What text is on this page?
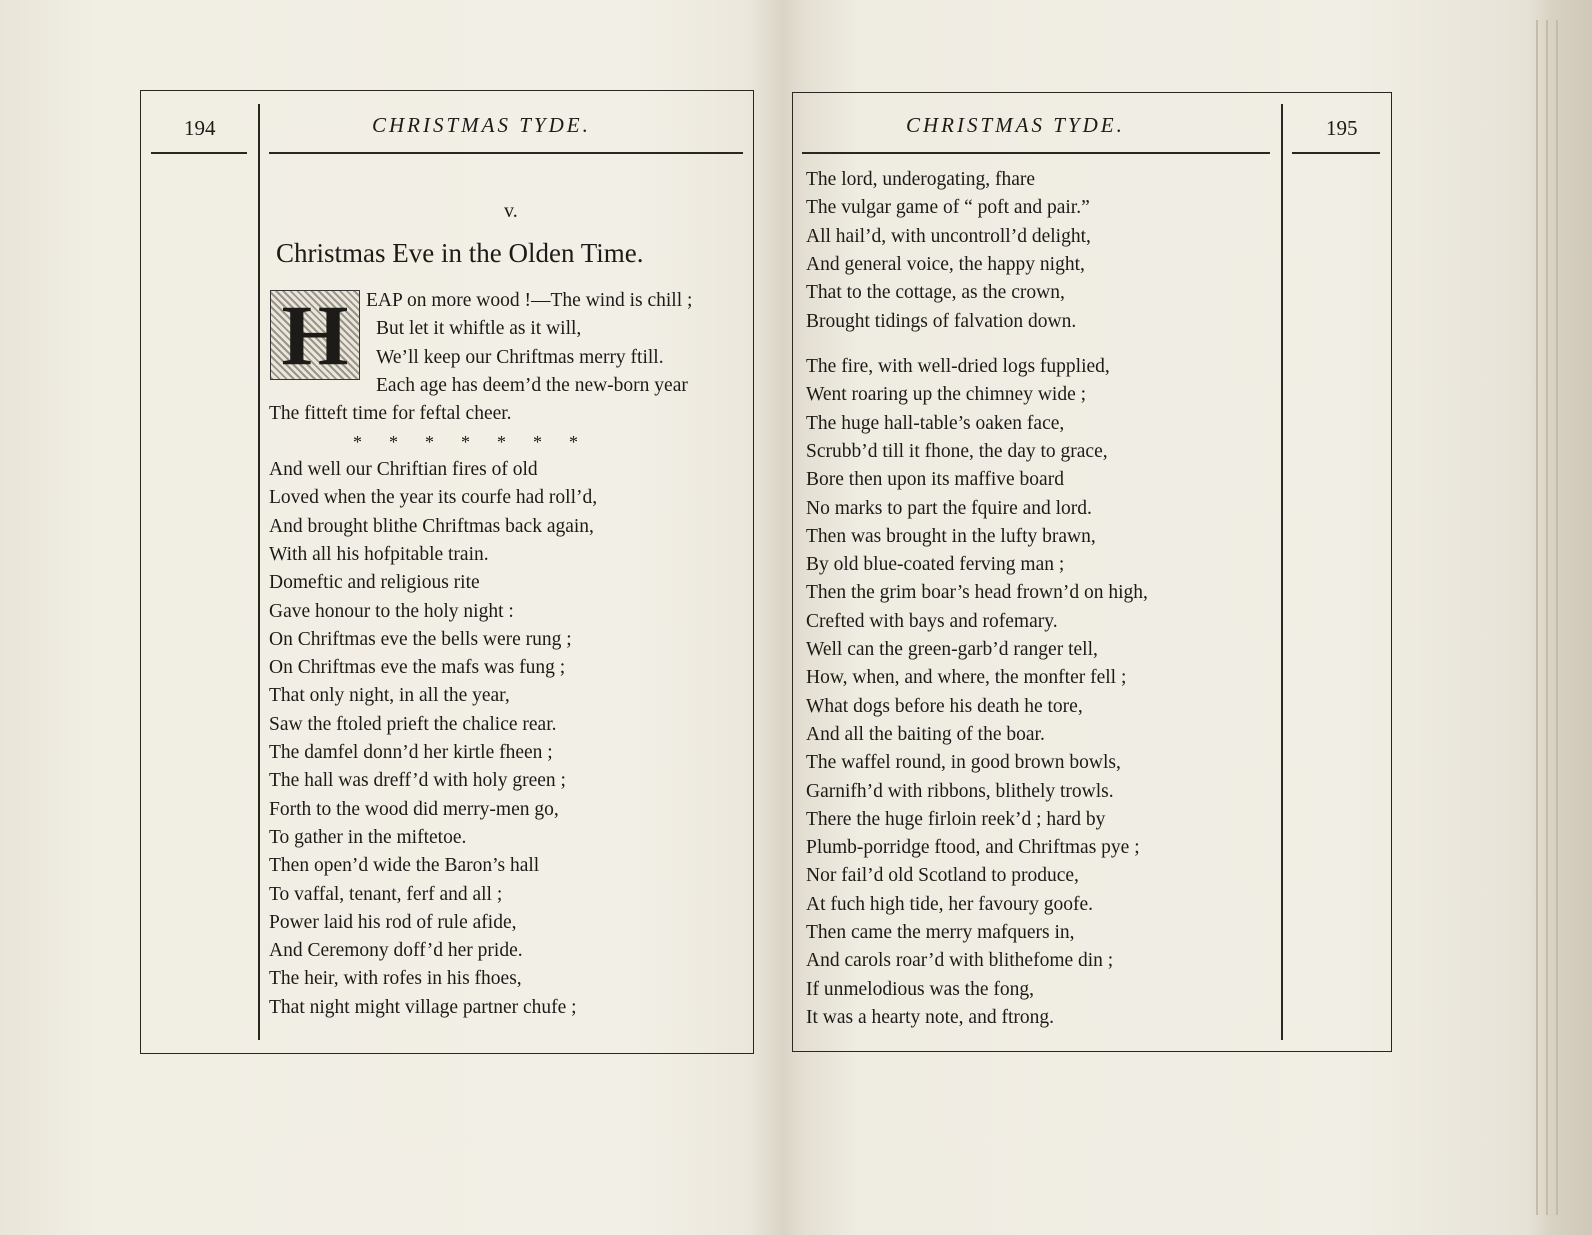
194	CHRISTMAS TYDE.
v.
Christmas Eve in the Olden Time.
H
*      *      *      *      *      *      *
EAP on more wood !—The wind is chill ;
But let it whiftle as it will,
We’ll keep our Chriftmas merry ftill.
Each age has deem’d the new-born year
The fitteft time for feftal cheer.
And well our Chriftian fires of old
Loved when the year its courfe had roll’d,
And brought blithe Chriftmas back again,
With all his hofpitable train.
Domeftic and religious rite
Gave honour to the holy night :
On Chriftmas eve the bells were rung ;
On Chriftmas eve the mafs was fung ;
That only night, in all the year,
Saw the ftoled prieft the chalice rear.
The damfel donn’d her kirtle fheen ;
The hall was dreff’d with holy green ;
Forth to the wood did merry-men go,
To gather in the miftetoe.
Then open’d wide the Baron’s hall
To vaffal, tenant, ferf and all ;
Power laid his rod of rule afide,
And Ceremony doff’d her pride.
The heir, with rofes in his fhoes,
That night might village partner chufe ;
195
CHRISTMAS TYDE.
The lord, underogating, fhare
The vulgar game of “ poft and pair.”
All hail’d, with uncontroll’d delight,
And general voice, the happy night,
That to the cottage, as the crown,
Brought tidings of falvation down.
The fire, with well-dried logs fupplied,
Went roaring up the chimney wide ;
The huge hall-table’s oaken face,
Scrubb’d till it fhone, the day to grace,
Bore then upon its maffive board
No marks to part the fquire and lord.
Then was brought in the lufty brawn,
By old blue-coated ferving man ;
Then the grim boar’s head frown’d on high,
Crefted with bays and rofemary.
Well can the green-garb’d ranger tell,
How, when, and where, the monfter fell ;
What dogs before his death he tore,
And all the baiting of the boar.
The waffel round, in good brown bowls,
Garnifh’d with ribbons, blithely trowls.
There the huge firloin reek’d ; hard by
Plumb-porridge ftood, and Chriftmas pye ;
Nor fail’d old Scotland to produce,
At fuch high tide, her favoury goofe.
Then came the merry mafquers in,
And carols roar’d with blithefome din ;
If unmelodious was the fong,
It was a hearty note, and ftrong.
